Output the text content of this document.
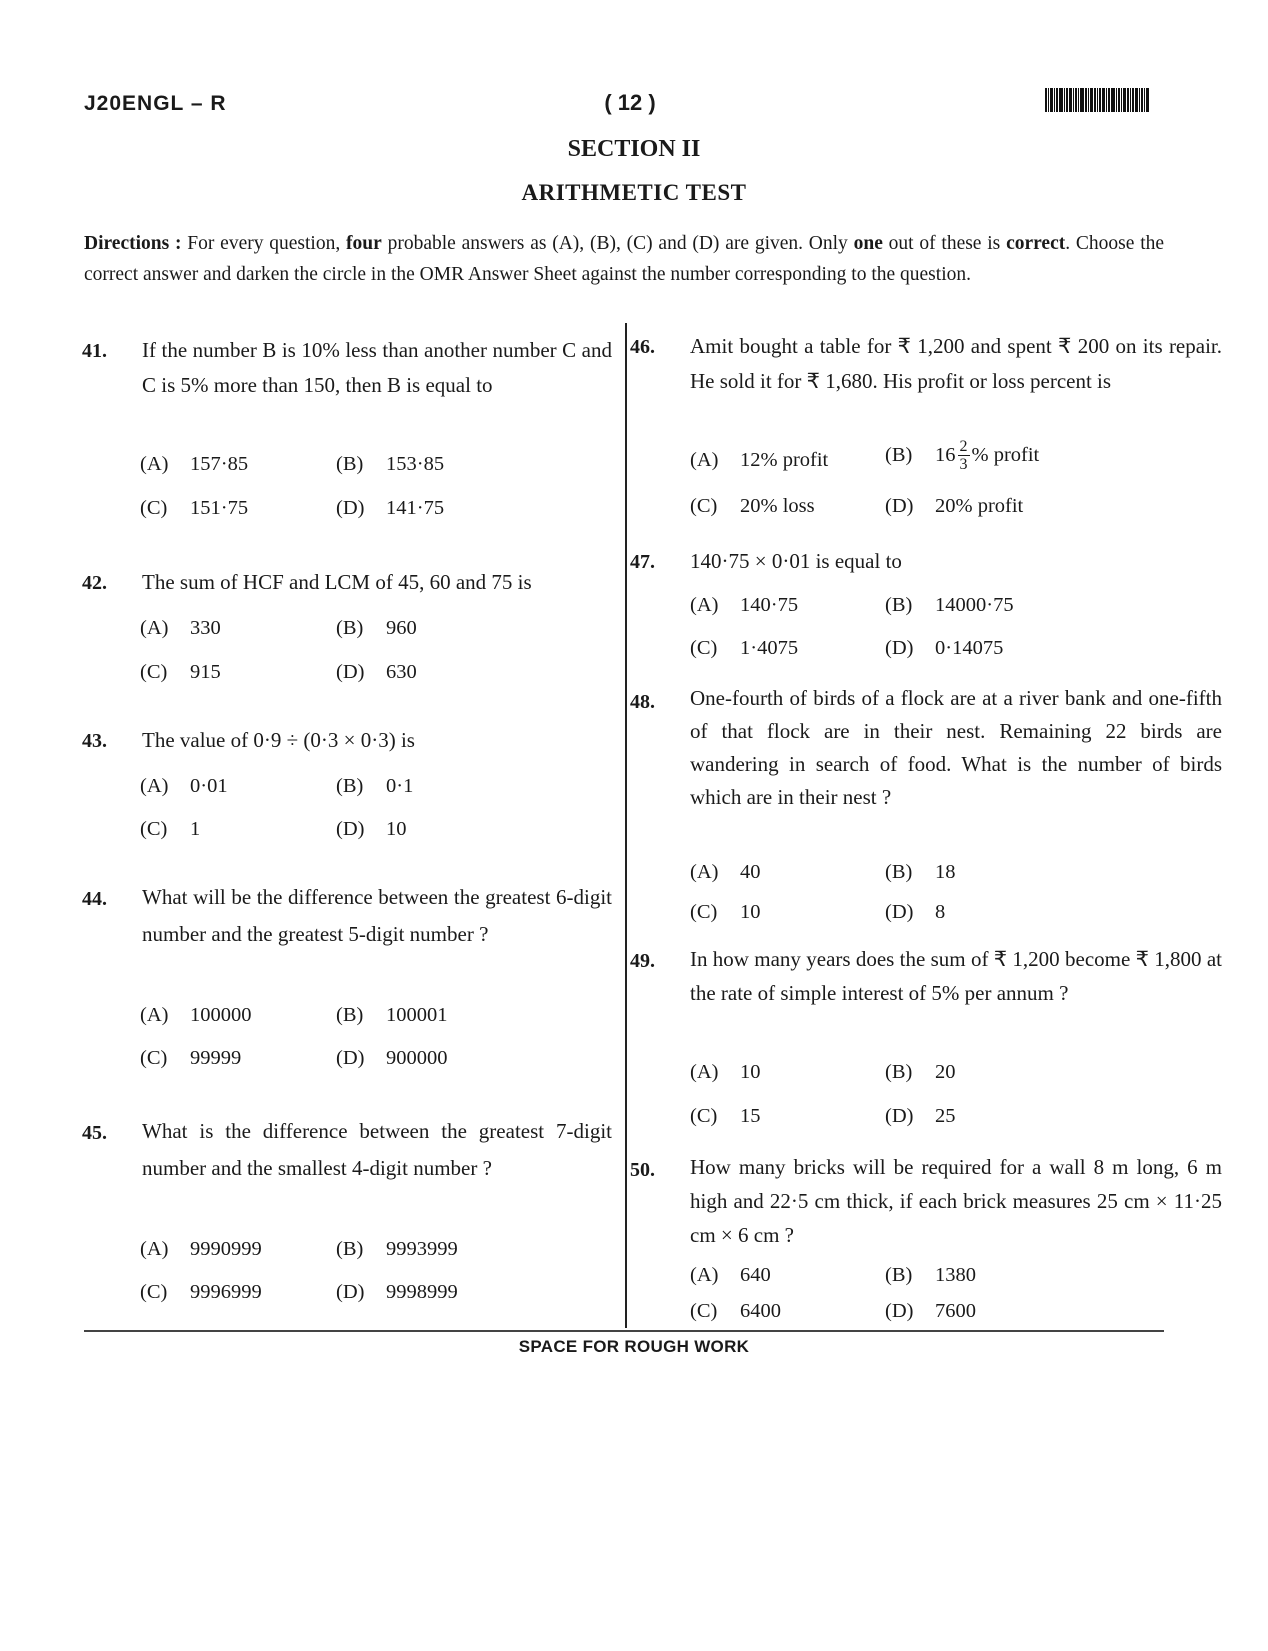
J20ENGL – R	( 12 )
SECTION II
ARITHMETIC TEST
Directions : For every question, four probable answers as (A), (B), (C) and (D) are given. Only one out of these is correct. Choose the correct answer and darken the circle in the OMR Answer Sheet against the number corresponding to the question.
41. If the number B is 10% less than another number C and C is 5% more than 150, then B is equal to
(A) 157·85	(B) 153·85
(C) 151·75	(D) 141·75
42. The sum of HCF and LCM of 45, 60 and 75 is
(A) 330	(B) 960
(C) 915	(D) 630
43. The value of 0·9 ÷ (0·3 × 0·3) is
(A) 0·01	(B) 0·1
(C) 1	(D) 10
44. What will be the difference between the greatest 6-digit number and the greatest 5-digit number ?
(A) 100000	(B) 100001
(C) 99999	(D) 900000
45. What is the difference between the greatest 7-digit number and the smallest 4-digit number ?
(A) 9990999	(B) 9993999
(C) 9996999	(D) 9998999
46. Amit bought a table for ₹ 1,200 and spent ₹ 200 on its repair. He sold it for ₹ 1,680. His profit or loss percent is
(A) 12% profit	(B) $16 \frac{2}{3}$ % profit
(C) 20% loss	(D) 20% profit
47. 140·75 × 0·01 is equal to
(A) 140·75	(B) 14000·75
(C) 1·4075	(D) 0·14075
48. One-fourth of birds of a flock are at a river bank and one-fifth of that flock are in their nest. Remaining 22 birds are wandering in search of food. What is the number of birds which are in their nest ?
(A) 40	(B) 18
(C) 10	(D) 8
49. In how many years does the sum of ₹ 1,200 become ₹ 1,800 at the rate of simple interest of 5% per annum ?
(A) 10	(B) 20
(C) 15	(D) 25
50. How many bricks will be required for a wall 8 m long, 6 m high and 22·5 cm thick, if each brick measures 25 cm × 11·25 cm × 6 cm ?
(A) 640	(B) 1380
(C) 6400	(D) 7600
SPACE FOR ROUGH WORK
